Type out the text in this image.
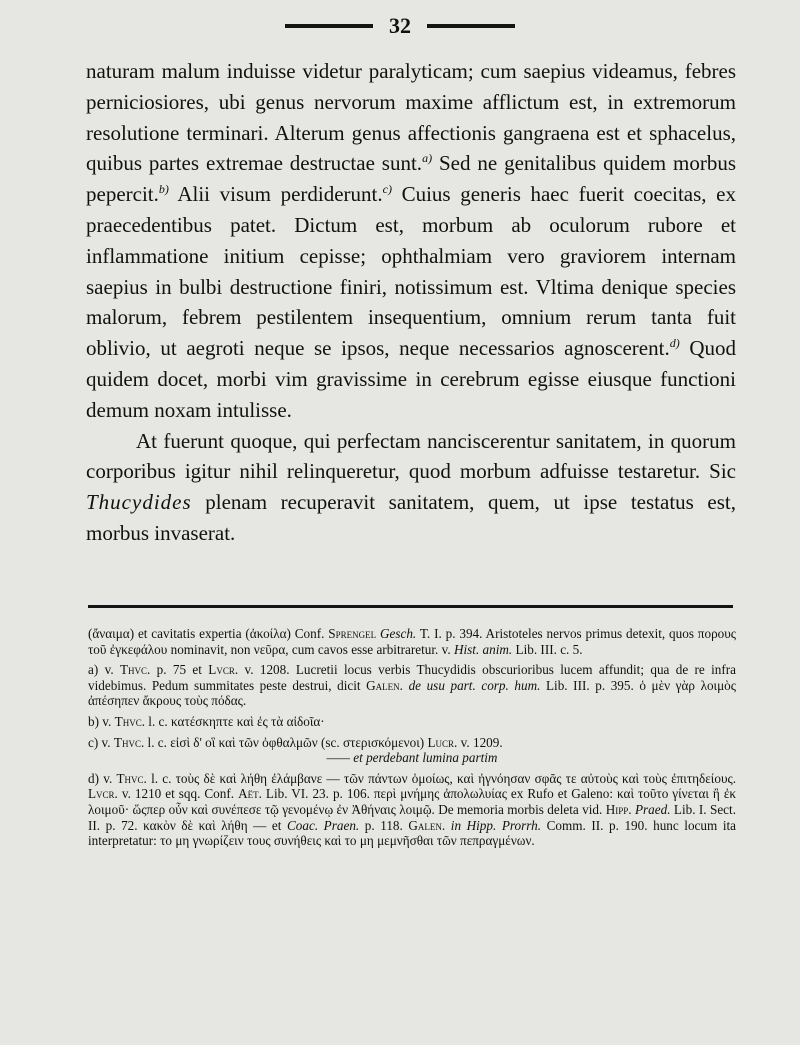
32

naturam malum induisse videtur paralyticam; cum saepius videamus, febres perniciosiores, ubi genus nervorum maxime afflictum est, in extremorum resolutione terminari. Alterum genus affectionis gangraena est et sphacelus, quibus partes extremae destructae sunt.$^{a)}$ Sed ne genitalibus quidem morbus pepercit.$^{b)}$ Alii visum perdiderunt.$^{c)}$ Cuius generis haec fuerit coecitas, ex praecedentibus patet. Dictum est, morbum ab oculorum rubore et inflammatione initium cepisse; ophthalmiam vero graviorem internam saepius in bulbi destructione finiri, notissimum est. Vltima denique species malorum, febrem pestilentem insequentium, omnium rerum tanta fuit oblivio, ut aegroti neque se ipsos, neque necessarios agnoscerent.$^{d)}$ Quod quidem docet, morbi vim gravissime in cerebrum egisse eiusque functioni demum noxam intulisse.

At fuerunt quoque, qui perfectam nanciscerentur sanitatem, in quorum corporibus igitur nihil relinqueretur, quod morbum adfuisse testaretur. Sic Thucydides plenam recuperavit sanitatem, quem, ut ipse testatus est, morbus invaserat.

(ἄναιμα) et cavitatis expertia (ἀκοίλα) Conf. Sprengel Gesch. T. I. p. 394. Aristoteles nervos primus detexit, quos πορους τοῦ ἐγκεφάλου nominavit, non νεῦρα, cum cavos esse arbitraretur. v. Hist. anim. Lib. III. c. 5.

a) v. Thvc. p. 75 et Lvcr. v. 1208. Lucretii locus verbis Thucydidis obscurioribus lucem affundit; qua de re infra videbimus. Pedum summitates peste destrui, dicit Galen. de usu part. corp. hum. Lib. III. p. 395. ὁ μὲν γὰρ λοιμὸς ἀπέσηπεν ἄκρους τοὺς πόδας.

b) v. Thvc. l. c. κατέσκηπτε καὶ ἐς τὰ αἰδοῖα·

c) v. Thvc. l. c. εἰσὶ δ' οἳ καὶ τῶν ὀφθαλμῶν (sc. στερισκόμενοι) Lucr. v. 1209.
—— et perdebant lumina partim

d) v. Thvc. l. c. τοὺς δὲ καὶ λήθη ἐλάμβανε — τῶν πάντων ὁμοίως, καὶ ἠγνόησαν σφᾶς τε αὐτοὺς καὶ τοὺς ἐπιτηδείους. Lvcr. v. 1210 et sqq. Conf. Aët. Lib. VI. 23. p. 106. περὶ μνήμης ἀπολωλυίας ex Rufo et Galeno: καὶ τοῦτο γίνεται ἢ ἐκ λοιμοῦ· ὥςπερ οὖν καὶ συνέπεσε τῷ γενομένῳ ἐν Ἀθήναις λοιμῷ. De memoria morbis deleta vid. Hipp. Praed. Lib. I. Sect. II. p. 72. κακὸν δὲ καὶ λήθη — et Coac. Praen. p. 118. Galen. in Hipp. Prorrh. Comm. II. p. 190. hunc locum ita interpretatur: το μη γνωρίζειν τους συνήθεις καὶ το μη μεμνῆσθαι τῶν πεπραγμένων.
